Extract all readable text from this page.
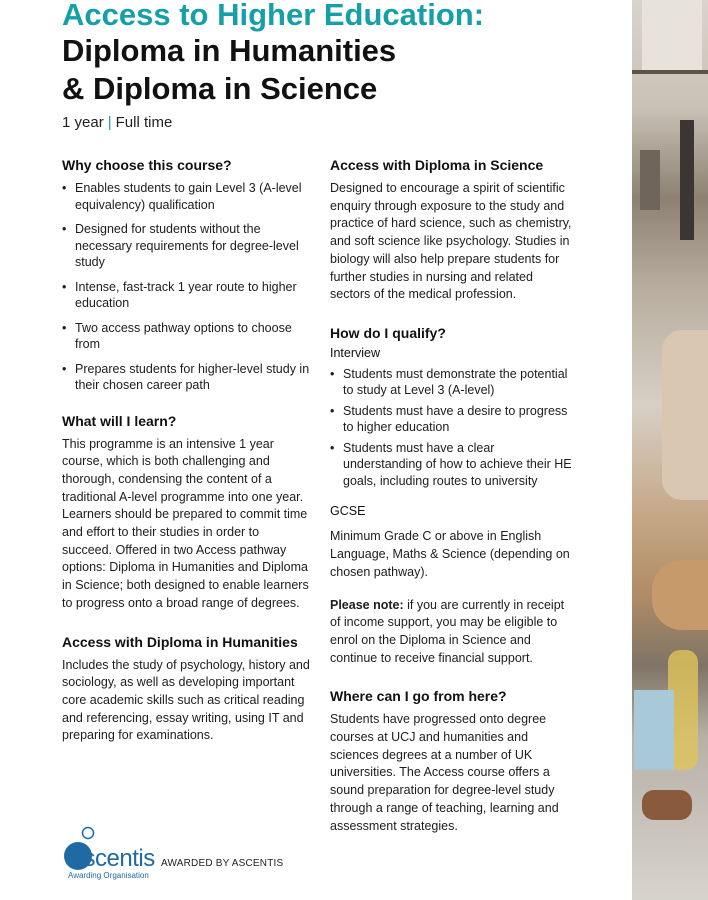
Access to Higher Education:
Diploma in Humanities
& Diploma in Science
1 year | Full time
Why choose this course?
• Enables students to gain Level 3 (A-level equivalency) qualification
• Designed for students without the necessary requirements for degree-level study
• Intense, fast-track 1 year route to higher education
• Two access pathway options to choose from
• Prepares students for higher-level study in their chosen career path
What will I learn?

This programme is an intensive 1 year course, which is both challenging and thorough, condensing the content of a traditional A-level programme into one year. Learners should be prepared to commit time and effort to their studies in order to succeed. Offered in two Access pathway options: Diploma in Humanities and Diploma in Science; both designed to enable learners to progress onto a broad range of degrees.

Access with Diploma in Humanities

Includes the study of psychology, history and sociology, as well as developing important core academic skills such as critical reading and referencing, essay writing, using IT and preparing for examinations.

Access with Diploma in Science

Designed to encourage a spirit of scientific enquiry through exposure to the study and practice of hard science, such as chemistry, and soft science like psychology. Studies in biology will also help prepare students for further studies in nursing and related sectors of the medical profession.

How do I qualify?
Interview
• Students must demonstrate the potential to study at Level 3 (A-level)
• Students must have a desire to progress to higher education
• Students must have a clear understanding of how to achieve their HE goals, including routes to university
GCSE

Minimum Grade C or above in English Language, Maths & Science (depending on chosen pathway).

Please note: if you are currently in receipt of income support, you may be eligible to enrol on the Diploma in Science and continue to receive financial support.

Where can I go from here?

Students have progressed onto degree courses at UCJ and humanities and sciences degrees at a number of UK universities. The Access course offers a sound preparation for degree-level study through a range of teaching, learning and assessment strategies.

Ascentis
Awarding Organisation
AWARDED BY ASCENTIS
